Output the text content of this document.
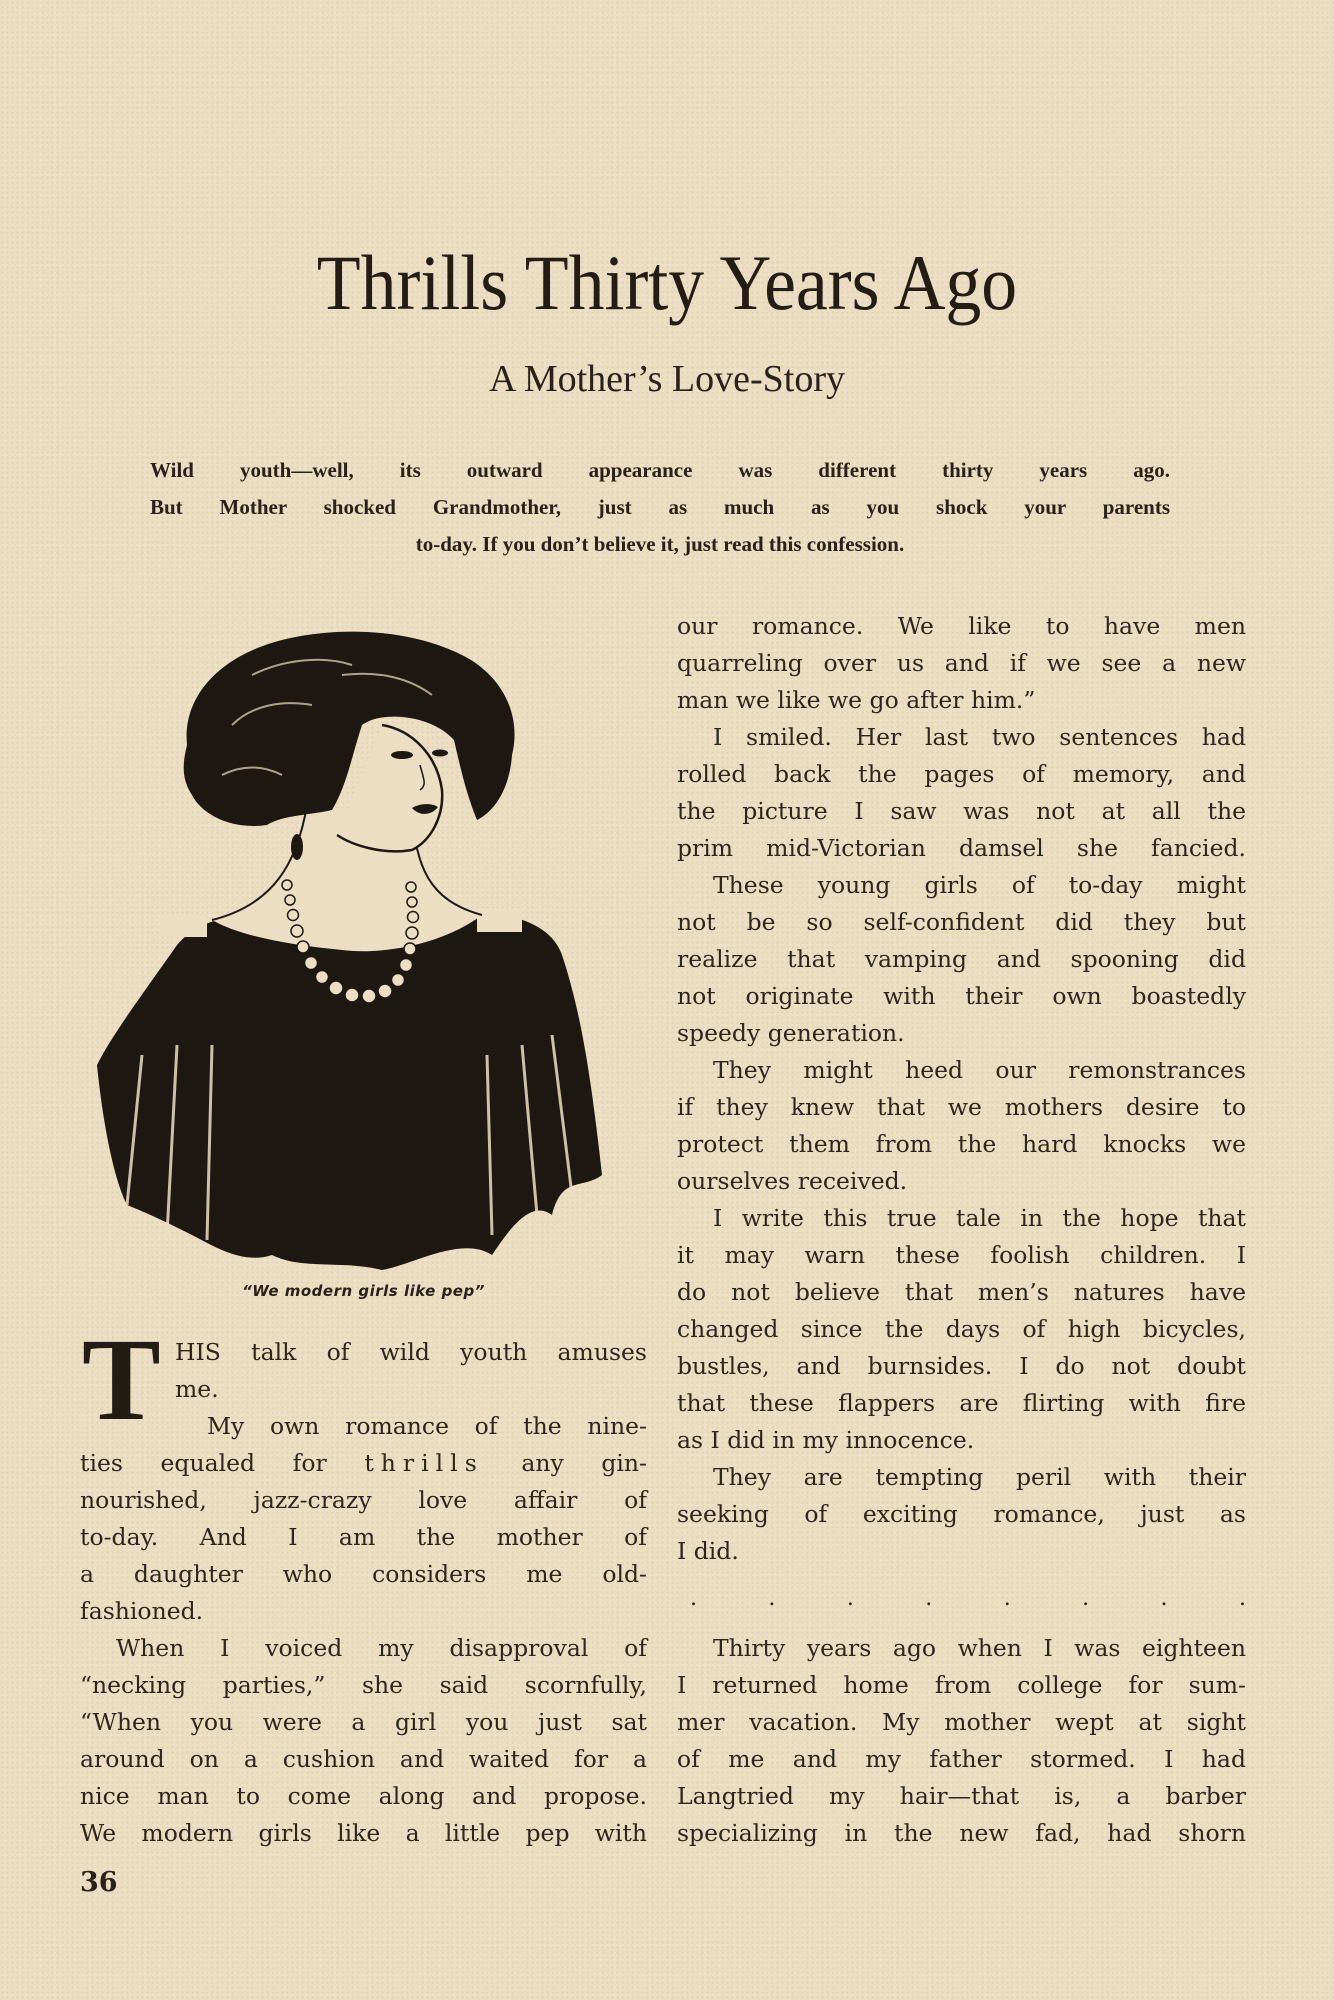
Thrills Thirty Years Ago
A Mother’s Love-Story
Wild youth—well, its outward appearance was different thirty years ago.
But Mother shocked Grandmother, just as much as you shock your parents
to-day. If you don’t believe it, just read this confession.
“We modern girls like pep”
T HIS talk of wild youth amuses
me.
My own romance of the nine-
ties equaled for thrills any gin-
nourished, jazz-crazy love affair of
to-day. And I am the mother of
a daughter who considers me old-
fashioned.
When I voiced my disapproval of
“necking parties,” she said scornfully,
“When you were a girl you just sat
around on a cushion and waited for a
nice man to come along and propose.
We modern girls like a little pep with
our romance. We like to have men
quarreling over us and if we see a new
man we like we go after him.”
I smiled. Her last two sentences had
rolled back the pages of memory, and
the picture I saw was not at all the
prim mid-Victorian damsel she fancied.
These young girls of to-day might
not be so self-confident did they but
realize that vamping and spooning did
not originate with their own boastedly
speedy generation.
They might heed our remonstrances
if they knew that we mothers desire to
protect them from the hard knocks we
ourselves received.
I write this true tale in the hope that
it may warn these foolish children. I
do not believe that men’s natures have
changed since the days of high bicycles,
bustles, and burnsides. I do not doubt
that these flappers are flirting with fire
as I did in my innocence.
They are tempting peril with their
seeking of exciting romance, just as
I did.
.	.	.	.	.	.	.	.
Thirty years ago when I was eighteen
I returned home from college for sum-
mer vacation. My mother wept at sight
of me and my father stormed. I had
Langtried my hair—that is, a barber
specializing in the new fad, had shorn
36
